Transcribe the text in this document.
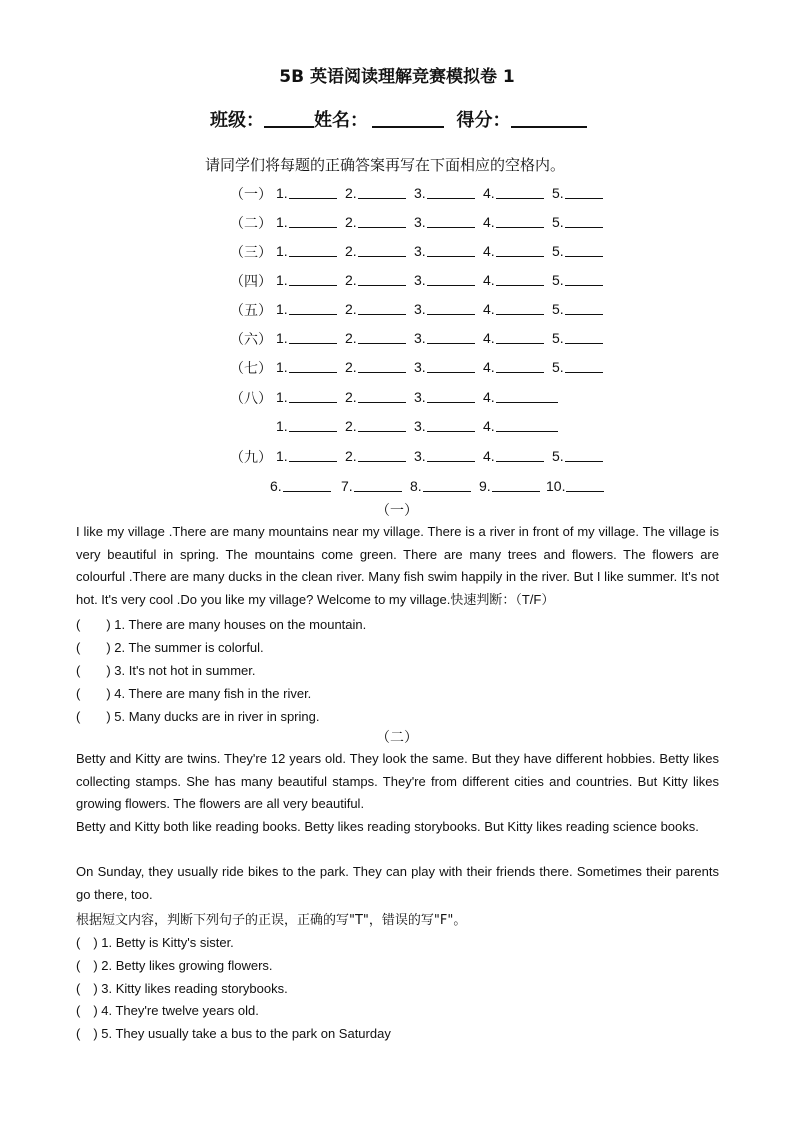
5B 英语阅读理解竞赛模拟卷 1
班级：	姓名：	得分：
请同学们将每题的正确答案再写在下面相应的空格内。
（一） 1.	2.	3.	4.	5.
（二） 1.	2.	3.	4.	5.
（三） 1.	2.	3.	4.	5.
（四） 1.	2.	3.	4.	5.
（五） 1.	2.	3.	4.	5.
（六） 1.	2.	3.	4.	5.
（七） 1.	2.	3.	4.	5.
（八） 1.	2.	3.	4.
1.	2.	3.	4.
（九） 1.	2.	3.	4.	5.
6.	7.	8.	9.	10.
（一）

I like my village .There are many mountains near my village. There is a river in front of my village. The village is very beautiful in spring. The mountains come green. There are many trees and flowers. The flowers are colourful .There are many ducks in the clean river. Many fish swim happily in the river. But I like summer. It's not hot. It's very cool .Do you like my village? Welcome to my village.快速判断：（T/F）

(　　) 1. There are many houses on the mountain.
(　　) 2. The summer is colorful.
(　　) 3. It's not hot in summer.
(　　) 4. There are many fish in the river.
(　　) 5. Many ducks are in river in spring.
（二）

Betty and Kitty are twins. They're 12 years old. They look the same. But they have different hobbies. Betty likes collecting stamps. She has many beautiful stamps. They're from different cities and countries. But Kitty likes growing flowers. The flowers are all very beautiful.

Betty and Kitty both like reading books. Betty likes reading storybooks. But Kitty likes reading science books.

On Sunday, they usually ride bikes to the park. They can play with their friends there. Sometimes their parents go there, too.

根据短文内容，判断下列句子的正误，正确的写"T"，错误的写"F"。
(　) 1. Betty is Kitty's sister.
(　) 2. Betty likes growing flowers.
(　) 3. Kitty likes reading storybooks.
(　) 4. They're twelve years old.
(　) 5. They usually take a bus to the park on Saturday
